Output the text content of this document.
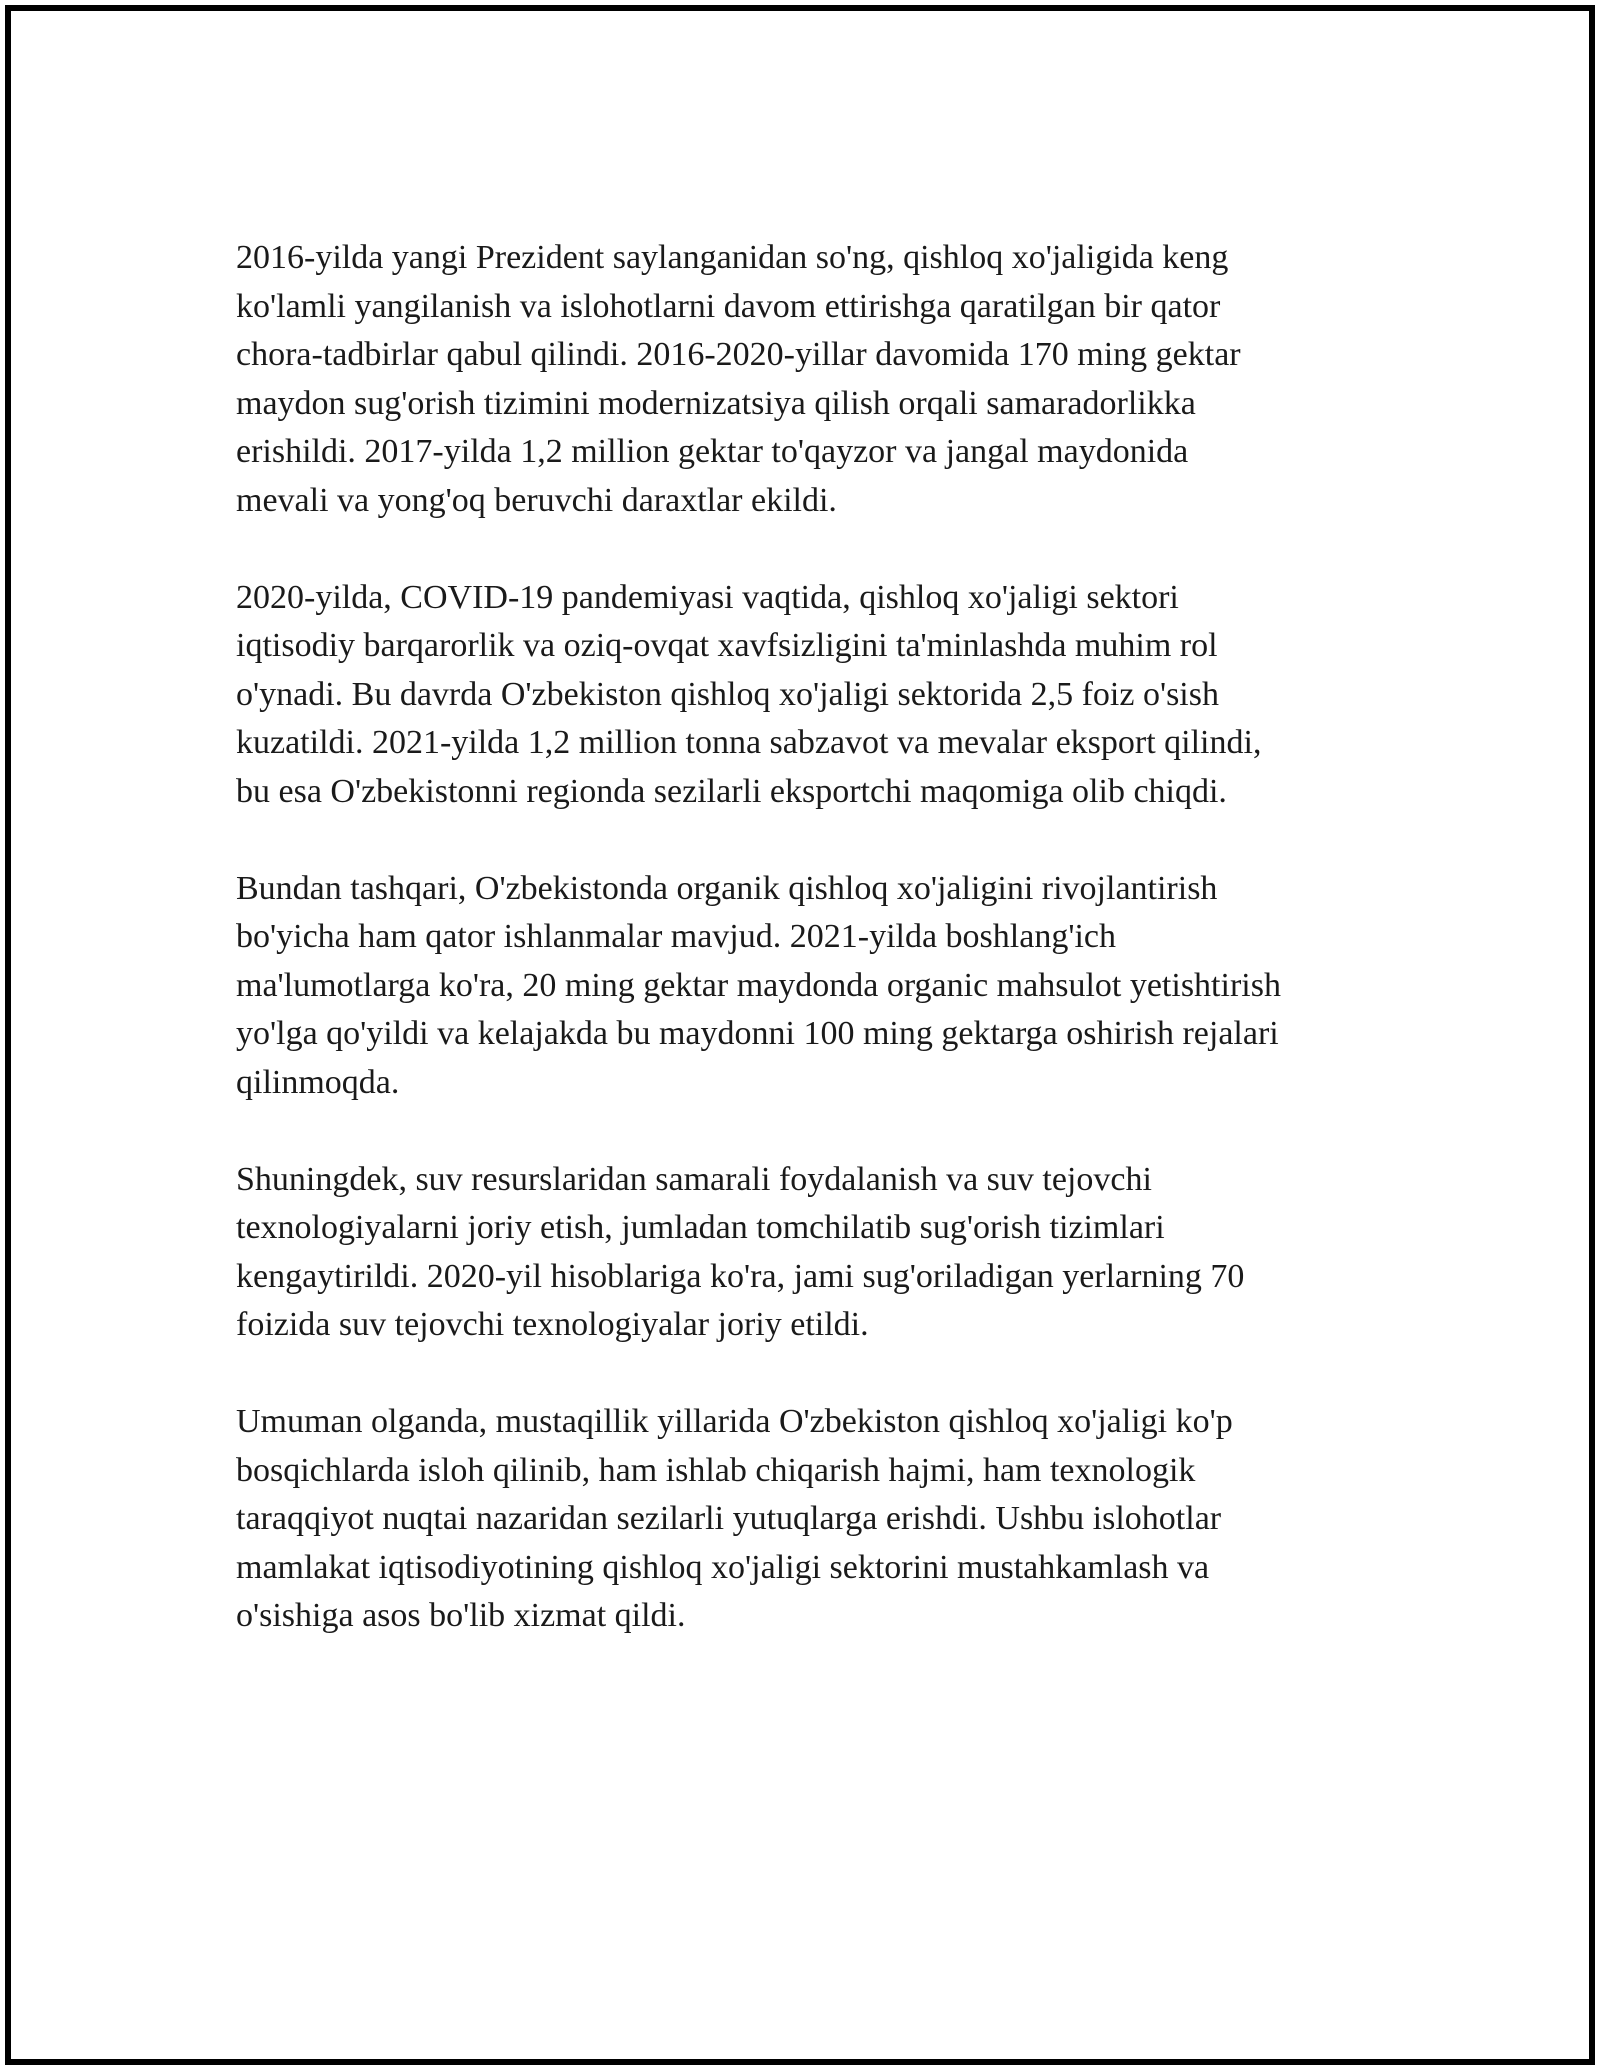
2016-yilda yangi Prezident saylanganidan so'ng, qishloq xo'jaligida keng
ko'lamli yangilanish va islohotlarni davom ettirishga qaratilgan bir qator
chora-tadbirlar qabul qilindi. 2016-2020-yillar davomida 170 ming gektar
maydon sug'orish tizimini modernizatsiya qilish orqali samaradorlikka
erishildi. 2017-yilda 1,2 million gektar to'qayzor va jangal maydonida
mevali va yong'oq beruvchi daraxtlar ekildi.

2020-yilda, COVID-19 pandemiyasi vaqtida, qishloq xo'jaligi sektori
iqtisodiy barqarorlik va oziq-ovqat xavfsizligini ta'minlashda muhim rol
o'ynadi. Bu davrda O'zbekiston qishloq xo'jaligi sektorida 2,5 foiz o'sish
kuzatildi. 2021-yilda 1,2 million tonna sabzavot va mevalar eksport qilindi,
bu esa O'zbekistonni regionda sezilarli eksportchi maqomiga olib chiqdi.

Bundan tashqari, O'zbekistonda organik qishloq xo'jaligini rivojlantirish
bo'yicha ham qator ishlanmalar mavjud. 2021-yilda boshlang'ich
ma'lumotlarga ko'ra, 20 ming gektar maydonda organic mahsulot yetishtirish
yo'lga qo'yildi va kelajakda bu maydonni 100 ming gektarga oshirish rejalari
qilinmoqda.

Shuningdek, suv resurslaridan samarali foydalanish va suv tejovchi
texnologiyalarni joriy etish, jumladan tomchilatib sug'orish tizimlari
kengaytirildi. 2020-yil hisoblariga ko'ra, jami sug'oriladigan yerlarning 70
foizida suv tejovchi texnologiyalar joriy etildi.

Umuman olganda, mustaqillik yillarida O'zbekiston qishloq xo'jaligi ko'p
bosqichlarda isloh qilinib, ham ishlab chiqarish hajmi, ham texnologik
taraqqiyot nuqtai nazaridan sezilarli yutuqlarga erishdi. Ushbu islohotlar
mamlakat iqtisodiyotining qishloq xo'jaligi sektorini mustahkamlash va
o'sishiga asos bo'lib xizmat qildi.
